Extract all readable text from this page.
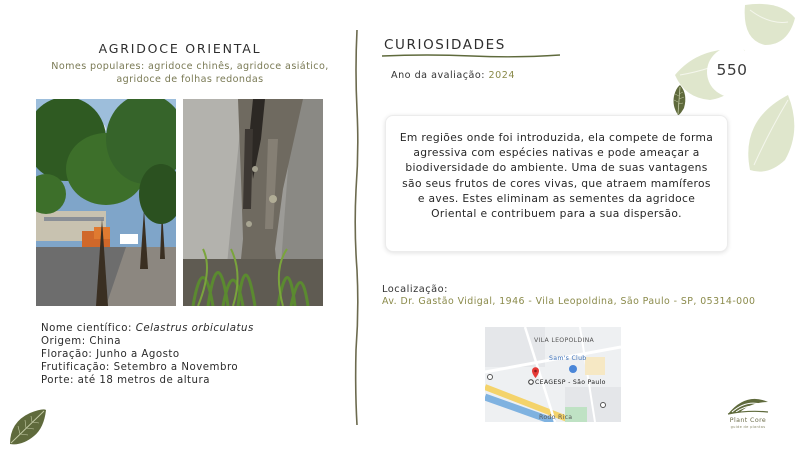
AGRIDOCE ORIENTAL
Nomes populares: agridoce chinês, agridoce asiático, agridoce de folhas redondas
Nome científico: Celastrus orbiculatus
Origem: China
Floração: Junho a Agosto
Frutificação: Setembro a Novembro
Porte: até 18 metros de altura
CURIOSIDADES
Ano da avaliação: 2024
Em regiões onde foi introduzida, ela compete de forma agressiva com espécies nativas e pode ameaçar a biodiversidade do ambiente. Uma de suas vantagens são seus frutos de cores vivas, que atraem mamíferos e aves. Estes eliminam as sementes da agridoce Oriental e contribuem para a sua dispersão.
Localização:
Av. Dr. Gastão Vidigal, 1946 - Vila Leopoldina, São Paulo - SP, 05314-000
VILA LEOPOLDINA
Sam's Club
CEAGESP - São Paulo
Rodo Rica
550
Plant Core
guide de plantas
